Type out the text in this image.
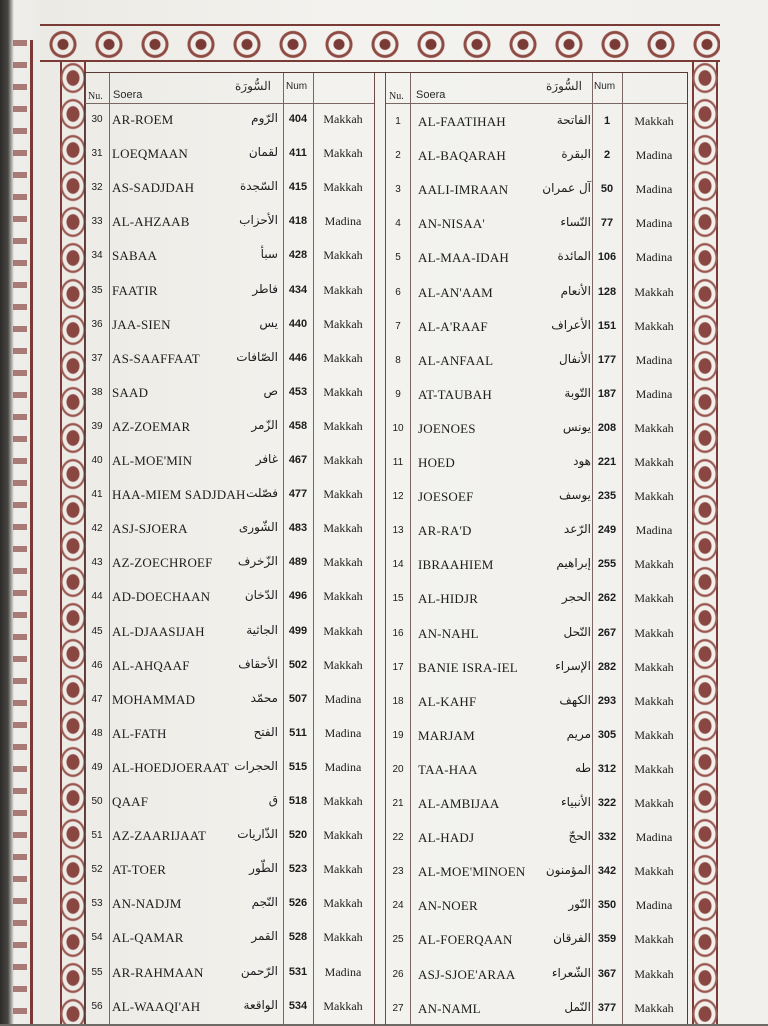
Nu. Soera
السُّورَة Num
30 AR-ROEM	الرّوم 404	Makkah
31 LOEQMAAN	لقمان	411	Makkah
32 AS-SADJDAH	السّجدة 415	Makkah
33 AL-AHZAAB	الأحزاب 418	Madina
34 SABAA	سبأ 428	Makkah
35 FAATIR	فاطر 434	Makkah
36 JAA-SIEN	يس 440	Makkah
37 AS-SAAFFAAT	الصّافات 446	Makkah
38 SAAD	ص 453	Makkah
39 AZ-ZOEMAR	الزّمر 458	Makkah
40 AL-MOE'MIN	غافر 467	Makkah
41 HAA-MIEM SADJDAH فصّلت 477	Makkah
42 ASJ-SJOERA	الشّورى 483	Makkah
43 AZ-ZOECHROEF الزّخرف 489	Makkah
44 AD-DOECHAAN	الدّخان 496	Makkah
45 AL-DJAASIJAH	الجاثية 499	Makkah
46 AL-AHQAAF	الأحقاف 502	Makkah
47 MOHAMMAD	محمّد 507	Madina
48 AL-FATH	الفتح	511	Madina
49 AL-HOEDJOERAAT الحجرات 515	Madina
50 QAAF	ق 518	Makkah
51 AZ-ZAARIJAAT	الذّاريات 520	Makkah
52 AT-TOER	الطّور 523	Makkah
53 AN-NADJM	النّجم 526	Makkah
54 AL-QAMAR	القمر 528	Makkah
55 AR-RAHMAAN	الرّحمن 531	Madina
56 AL-WAAQI'AH	الواقعة 534	Makkah
Nu. Soera
السُّورَة Num
1	AL-FAATIHAH	الفاتحة	1	Makkah
2	AL-BAQARAH	البقرة	2	Madina
3	AALI-IMRAAN	آل عمران 50	Madina
4	AN-NISAA'	النّساء 77	Madina
5	AL-MAA-IDAH	المائدة 106	Madina
6	AL-AN'AAM	الأنعام 128	Makkah
7	AL-A'RAAF	الأعراف 151	Makkah
8	AL-ANFAAL	الأنفال 177	Madina
9	AT-TAUBAH	التّوبة 187	Madina
10	JOENOES	يونس 208	Makkah
11	HOED	هود 221	Makkah
12	JOESOEF	يوسف 235	Makkah
13	AR-RA'D	الرّعد 249	Madina
14	IBRAAHIEM	إبراهيم 255	Makkah
15	AL-HIDJR	الحجر 262	Makkah
16	AN-NAHL	النّحل 267	Makkah
17	BANIE ISRA-IEL	الإسراء 282	Makkah
18	AL-KAHF	الكهف 293	Makkah
19	MARJAM	مريم 305	Makkah
20	TAA-HAA	طه 312	Makkah
21	AL-AMBIJAA	الأنبياء 322	Makkah
22	AL-HADJ	الحجّ 332	Madina
23	AL-MOE'MINOEN المؤمنون 342	Makkah
24	AN-NOER	النّور 350	Madina
25	AL-FOERQAAN	الفرقان 359	Makkah
26	ASJ-SJOE'ARAA	الشّعراء 367	Makkah
27	AN-NAML	النّمل 377	Makkah
